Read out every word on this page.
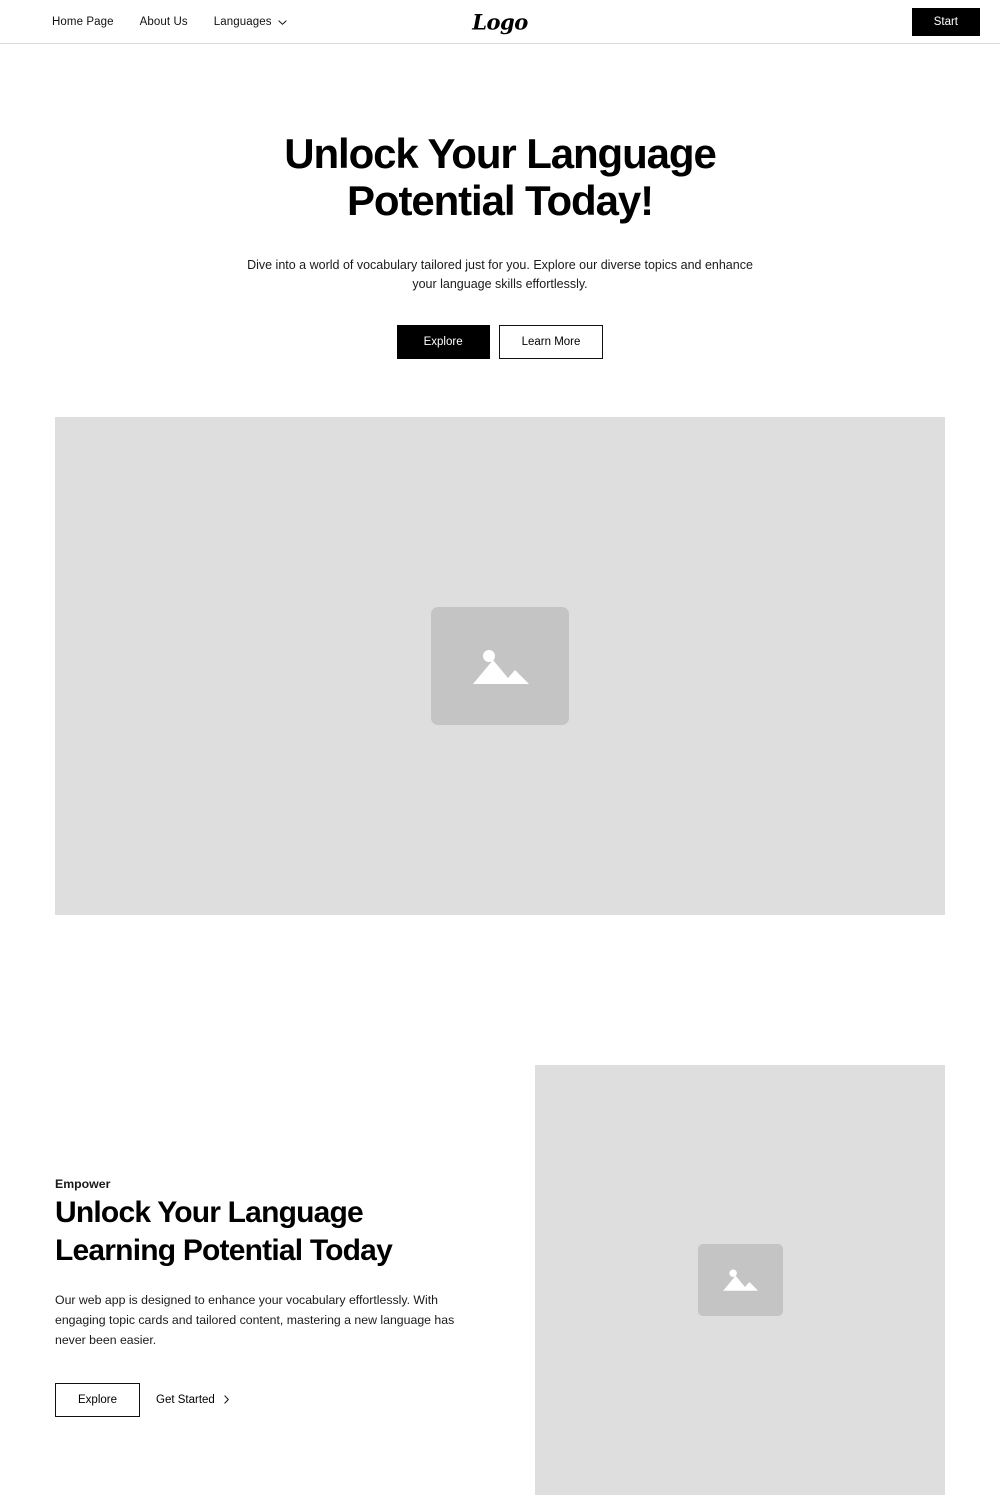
Home Page About Us Languages	Logo	Start
Unlock Your Language
Potential Today!

Dive into a world of vocabulary tailored just for you. Explore our diverse topics and enhance your language skills effortlessly.

Explore	Learn More

Empower

Unlock Your Language
Learning Potential Today

Our web app is designed to enhance your vocabulary effortlessly. With engaging topic cards and tailored content, mastering a new language has never been easier.

Explore	Get Started
